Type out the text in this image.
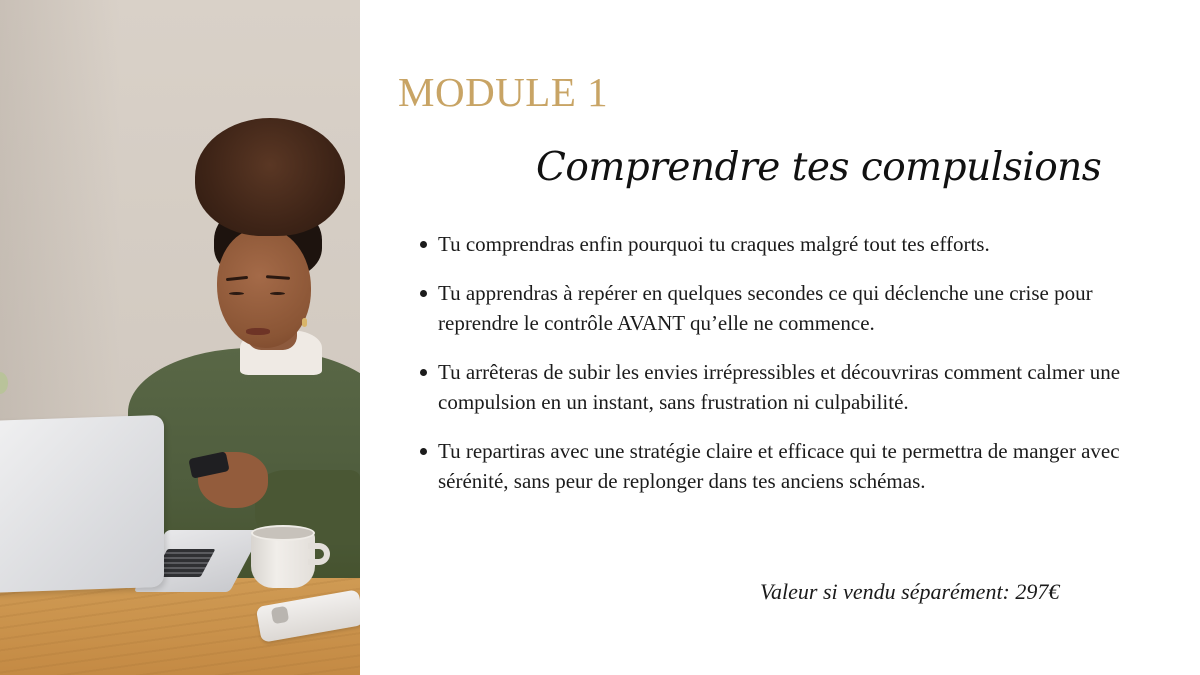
MODULE 1
Comprendre tes compulsions
Tu comprendras enfin pourquoi tu craques malgré tout tes efforts.
Tu apprendras à repérer en quelques secondes ce qui déclenche une crise pour reprendre le contrôle AVANT qu’elle ne commence.
Tu arrêteras de subir les envies irrépressibles et découvriras comment calmer une compulsion en un instant, sans frustration ni culpabilité.
Tu repartiras avec une stratégie claire et efficace qui te permettra de manger avec sérénité, sans peur de replonger dans tes anciens schémas.

Valeur si vendu séparément: 297€
